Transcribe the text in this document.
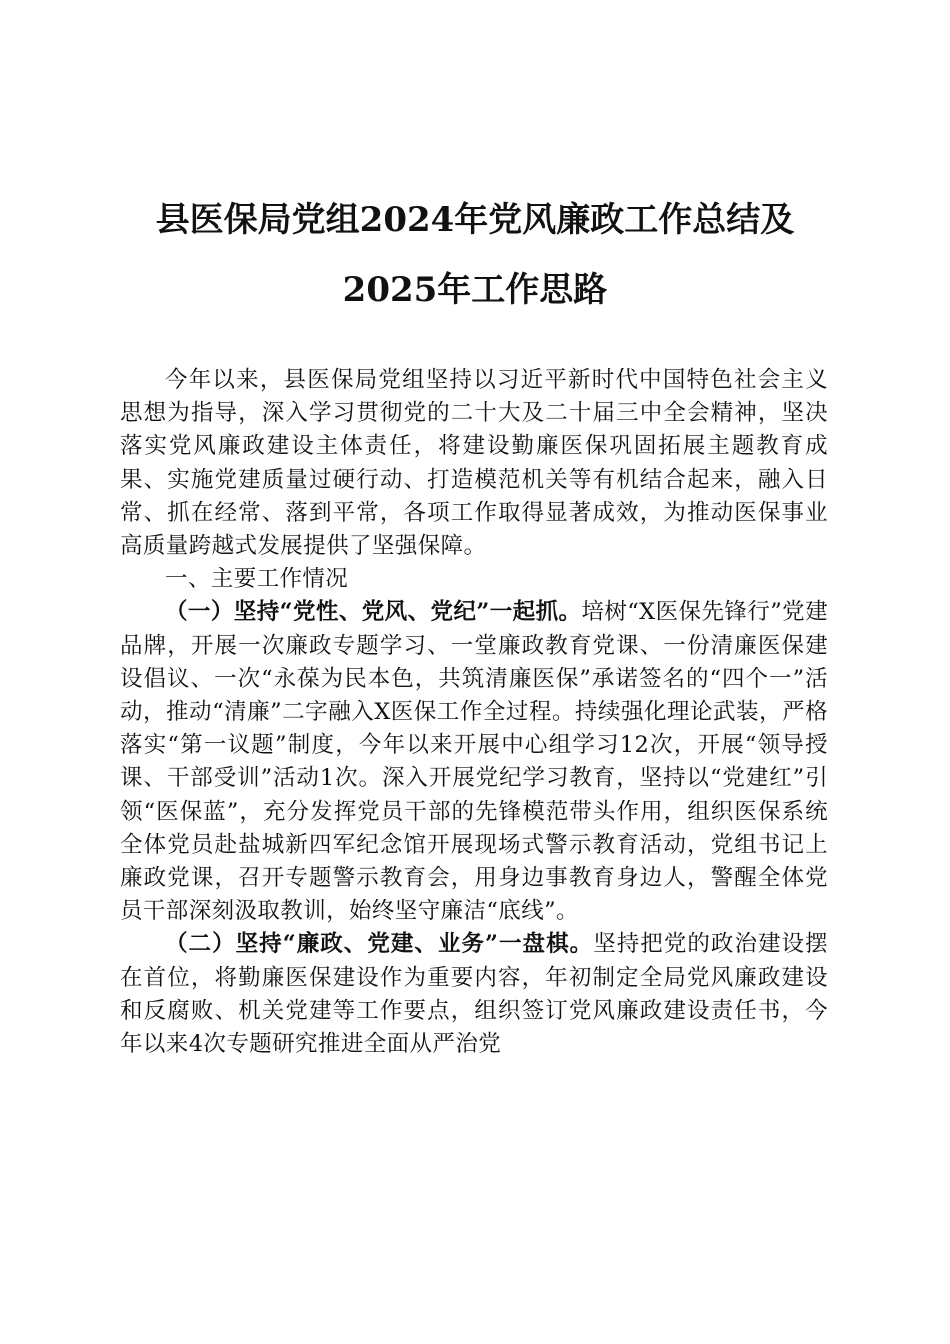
县医保局党组2024年党风廉政工作总结及
2025年工作思路

今年以来，县医保局党组坚持以习近平新时代中国特色社会主义思想为指导，深入学习贯彻党的二十大及二十届三中全会精神，坚决落实党风廉政建设主体责任，将建设勤廉医保巩固拓展主题教育成果、实施党建质量过硬行动、打造模范机关等有机结合起来，融入日常、抓在经常、落到平常，各项工作取得显著成效，为推动医保事业高质量跨越式发展提供了坚强保障。

一、主要工作情况

（一）坚持“党性、党风、党纪”一起抓。培树“X医保先锋行”党建品牌，开展一次廉政专题学习、一堂廉政教育党课、一份清廉医保建设倡议、一次“永葆为民本色，共筑清廉医保”承诺签名的“四个一”活动，推动“清廉”二字融入X医保工作全过程。持续强化理论武装，严格落实“第一议题”制度，今年以来开展中心组学习12次，开展“领导授课、干部受训”活动1次。深入开展党纪学习教育，坚持以“党建红”引领“医保蓝”，充分发挥党员干部的先锋模范带头作用，组织医保系统全体党员赴盐城新四军纪念馆开展现场式警示教育活动，党组书记上廉政党课，召开专题警示教育会，用身边事教育身边人，警醒全体党员干部深刻汲取教训，始终坚守廉洁“底线”。

（二）坚持“廉政、党建、业务”一盘棋。坚持把党的政治建设摆在首位，将勤廉医保建设作为重要内容，年初制定全局党风廉政建设和反腐败、机关党建等工作要点，组织签订党风廉政建设责任书，今年以来4次专题研究推进全面从严治党
